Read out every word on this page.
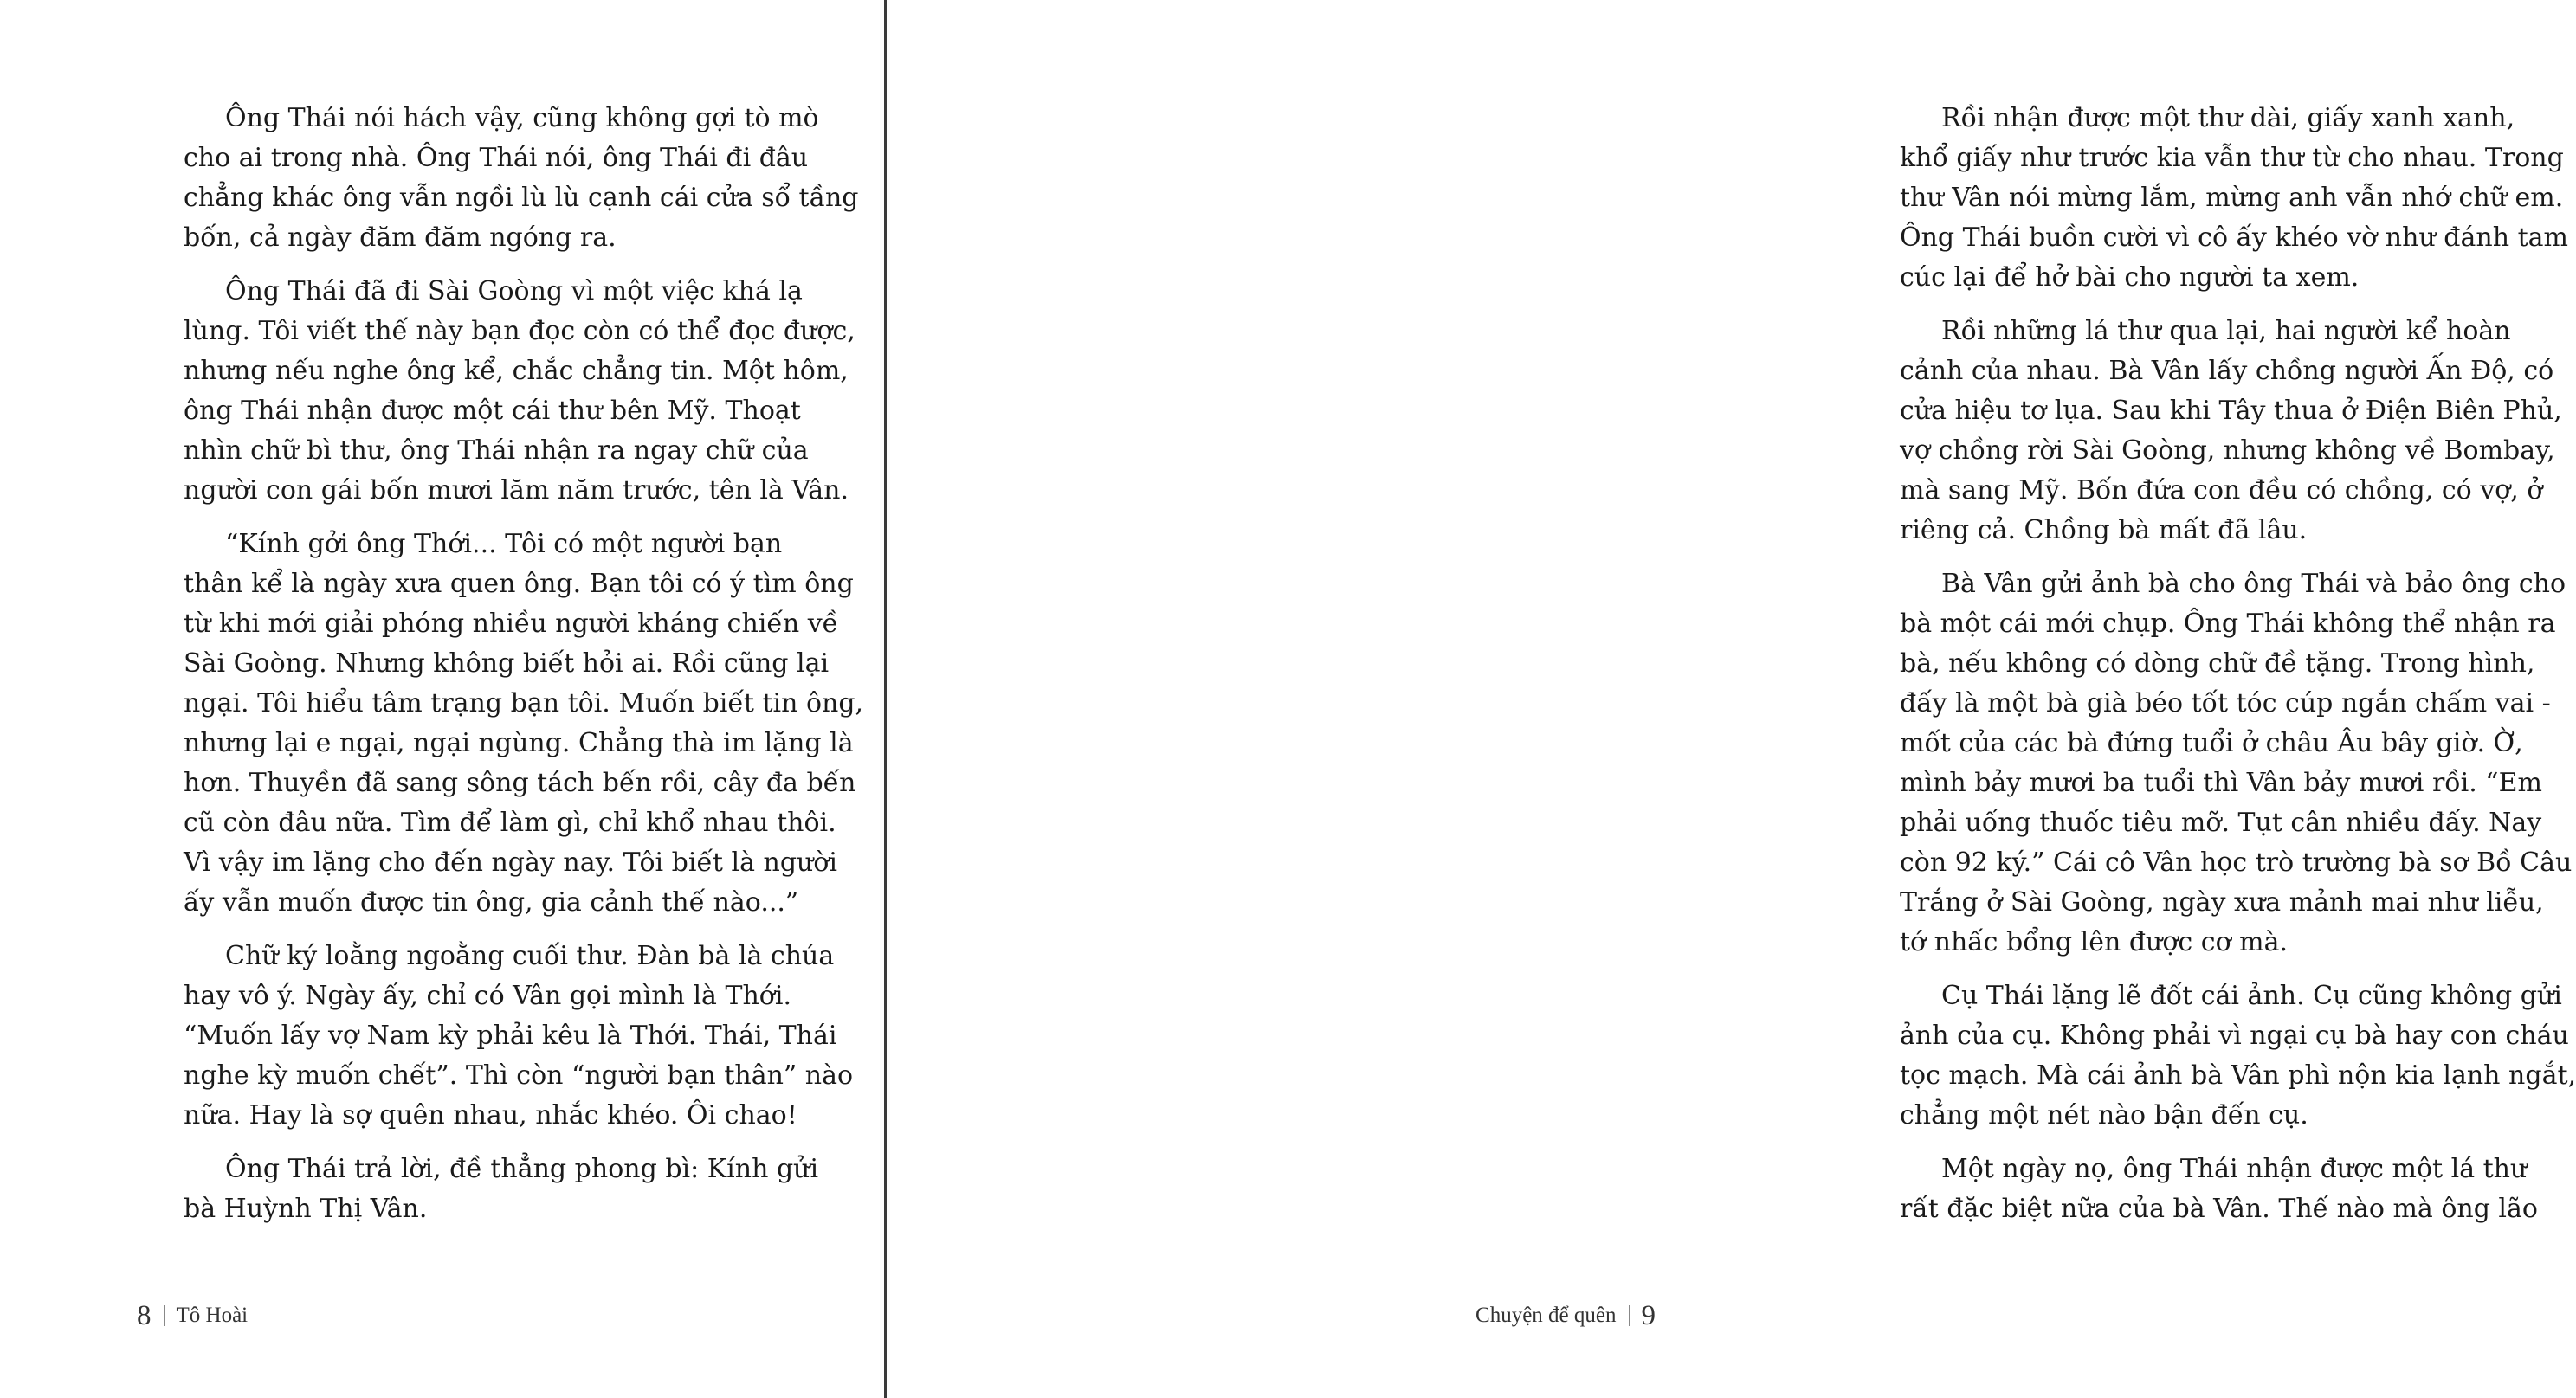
Ông Thái nói hách vậy, cũng không gợi tò mò
cho ai trong nhà. Ông Thái nói, ông Thái đi đâu
chẳng khác ông vẫn ngồi lù lù cạnh cái cửa sổ tầng
bốn, cả ngày đăm đăm ngóng ra.
Ông Thái đã đi Sài Goòng vì một việc khá lạ
lùng. Tôi viết thế này bạn đọc còn có thể đọc được,
nhưng nếu nghe ông kể, chắc chẳng tin. Một hôm,
ông Thái nhận được một cái thư bên Mỹ. Thoạt
nhìn chữ bì thư, ông Thái nhận ra ngay chữ của
người con gái bốn mươi lăm năm trước, tên là Vân.
“Kính gởi ông Thới... Tôi có một người bạn
thân kể là ngày xưa quen ông. Bạn tôi có ý tìm ông
từ khi mới giải phóng nhiều người kháng chiến về
Sài Goòng. Nhưng không biết hỏi ai. Rồi cũng lại
ngại. Tôi hiểu tâm trạng bạn tôi. Muốn biết tin ông,
nhưng lại e ngại, ngại ngùng. Chẳng thà im lặng là
hơn. Thuyền đã sang sông tách bến rồi, cây đa bến
cũ còn đâu nữa. Tìm để làm gì, chỉ khổ nhau thôi.
Vì vậy im lặng cho đến ngày nay. Tôi biết là người
ấy vẫn muốn được tin ông, gia cảnh thế nào...”
Chữ ký loằng ngoằng cuối thư. Đàn bà là chúa
hay vô ý. Ngày ấy, chỉ có Vân gọi mình là Thới.
“Muốn lấy vợ Nam kỳ phải kêu là Thới. Thái, Thái
nghe kỳ muốn chết”. Thì còn “người bạn thân” nào
nữa. Hay là sợ quên nhau, nhắc khéo. Ôi chao!
Ông Thái trả lời, đề thẳng phong bì: Kính gửi
bà Huỳnh Thị Vân.
8 Tô Hoài
Rồi nhận được một thư dài, giấy xanh xanh,
khổ giấy như trước kia vẫn thư từ cho nhau. Trong
thư Vân nói mừng lắm, mừng anh vẫn nhớ chữ em.
Ông Thái buồn cười vì cô ấy khéo vờ như đánh tam
cúc lại để hở bài cho người ta xem.
Rồi những lá thư qua lại, hai người kể hoàn
cảnh của nhau. Bà Vân lấy chồng người Ấn Độ, có
cửa hiệu tơ lụa. Sau khi Tây thua ở Điện Biên Phủ,
vợ chồng rời Sài Goòng, nhưng không về Bombay,
mà sang Mỹ. Bốn đứa con đều có chồng, có vợ, ở
riêng cả. Chồng bà mất đã lâu.
Bà Vân gửi ảnh bà cho ông Thái và bảo ông cho
bà một cái mới chụp. Ông Thái không thể nhận ra
bà, nếu không có dòng chữ đề tặng. Trong hình,
đấy là một bà già béo tốt tóc cúp ngắn chấm vai -
mốt của các bà đứng tuổi ở châu Âu bây giờ. Ờ,
mình bảy mươi ba tuổi thì Vân bảy mươi rồi. “Em
phải uống thuốc tiêu mỡ. Tụt cân nhiều đấy. Nay
còn 92 ký.” Cái cô Vân học trò trường bà sơ Bồ Câu
Trắng ở Sài Goòng, ngày xưa mảnh mai như liễu,
tớ nhấc bổng lên được cơ mà.
Cụ Thái lặng lẽ đốt cái ảnh. Cụ cũng không gửi
ảnh của cụ. Không phải vì ngại cụ bà hay con cháu
tọc mạch. Mà cái ảnh bà Vân phì nộn kia lạnh ngắt,
chẳng một nét nào bận đến cụ.
Một ngày nọ, ông Thái nhận được một lá thư
rất đặc biệt nữa của bà Vân. Thế nào mà ông lão
Chuyện để quên 9
